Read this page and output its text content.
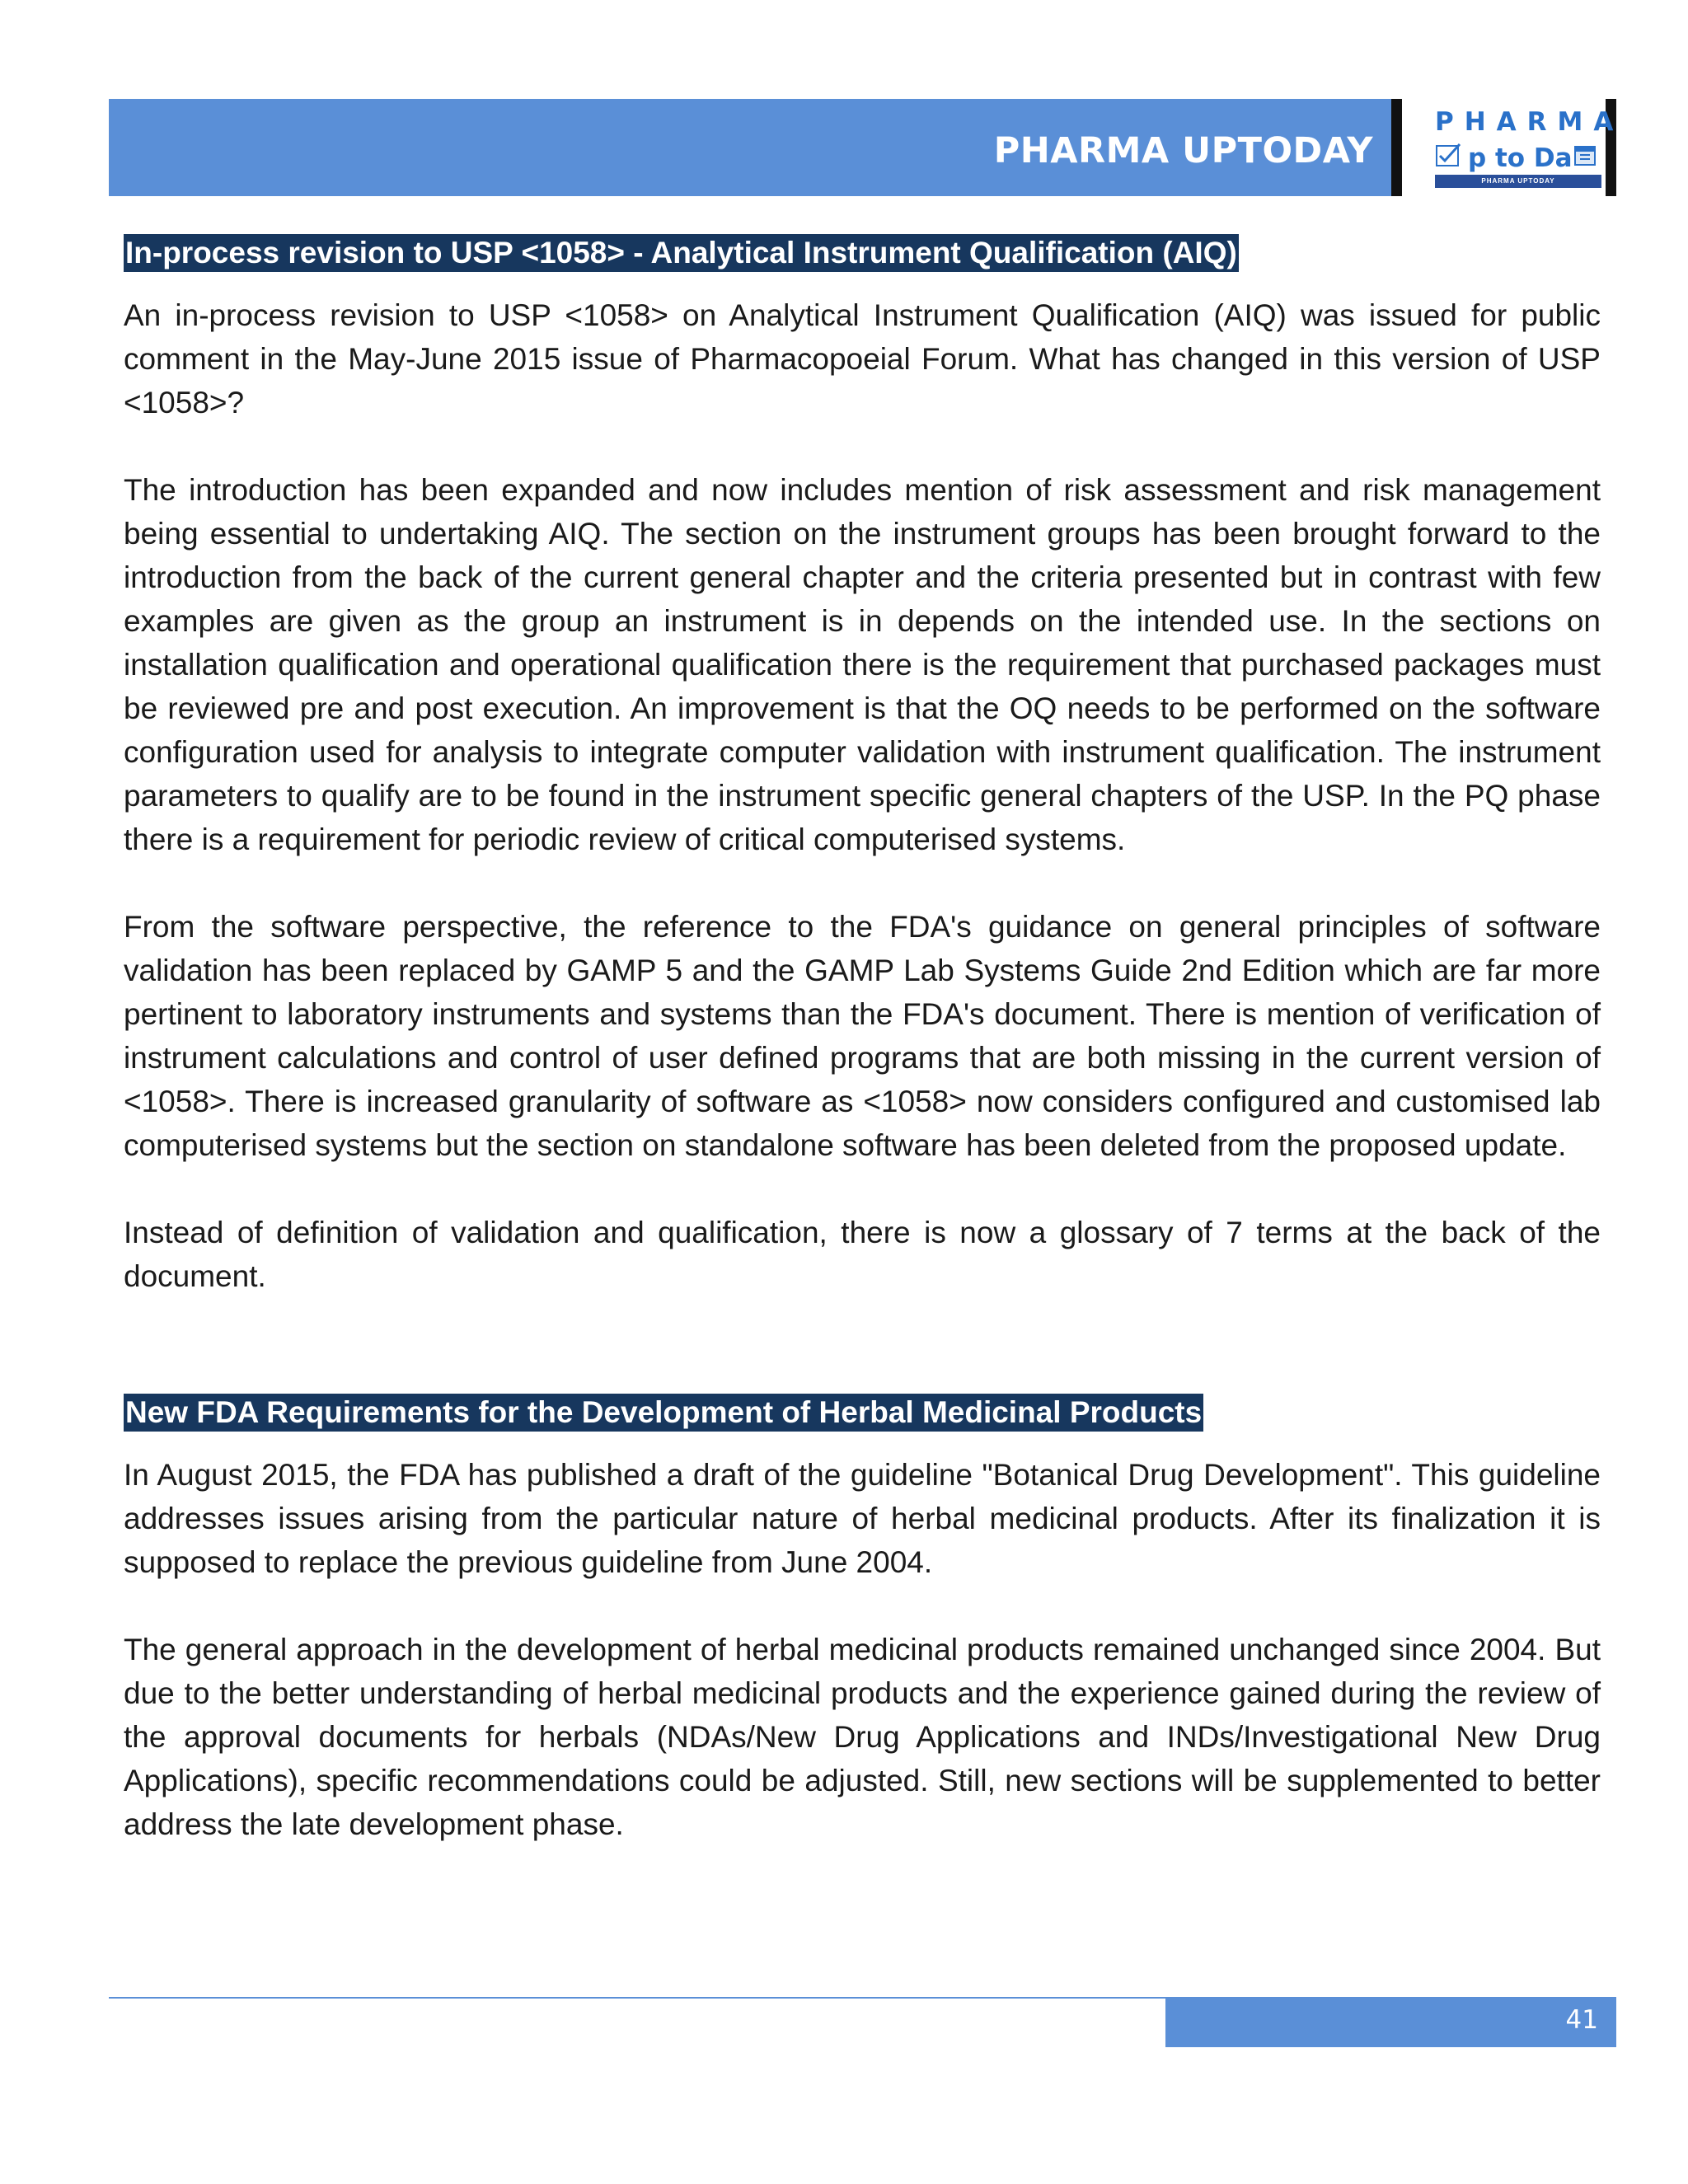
PHARMA UPTODAY
PHARMA
p to Da
PHARMA UPTODAY
In-process revision to USP <1058> - Analytical Instrument Qualification (AIQ)

An in-process revision to USP <1058> on Analytical Instrument Qualification (AIQ) was issued for public comment in the May-June 2015 issue of Pharmacopoeial Forum. What has changed in this version of USP <1058>?

The introduction has been expanded and now includes mention of risk assessment and risk management being essential to undertaking AIQ. The section on the instrument groups has been brought forward to the introduction from the back of the current general chapter and the criteria presented but in contrast with few examples are given as the group an instrument is in depends on the intended use. In the sections on installation qualification and operational qualification there is the requirement that purchased packages must be reviewed pre and post execution. An improvement is that the OQ needs to be performed on the software configuration used for analysis to integrate computer validation with instrument qualification. The instrument parameters to qualify are to be found in the instrument specific general chapters of the USP. In the PQ phase there is a requirement for periodic review of critical computerised systems.

From the software perspective, the reference to the FDA's guidance on general principles of software validation has been replaced by GAMP 5 and the GAMP Lab Systems Guide 2nd Edition which are far more pertinent to laboratory instruments and systems than the FDA's document. There is mention of verification of instrument calculations and control of user defined programs that are both missing in the current version of <1058>. There is increased granularity of software as <1058> now considers configured and customised lab computerised systems but the section on standalone software has been deleted from the proposed update.

Instead of definition of validation and qualification, there is now a glossary of 7 terms at the back of the document.

New FDA Requirements for the Development of Herbal Medicinal Products

In August 2015, the FDA has published a draft of the guideline "Botanical Drug Development". This guideline addresses issues arising from the particular nature of herbal medicinal products. After its finalization it is supposed to replace the previous guideline from June 2004.

The general approach in the development of herbal medicinal products remained unchanged since 2004. But due to the better understanding of herbal medicinal products and the experience gained during the review of the approval documents for herbals (NDAs/New Drug Applications and INDs/Investigational New Drug Applications), specific recommendations could be adjusted. Still, new sections will be supplemented to better address the late development phase.

41
